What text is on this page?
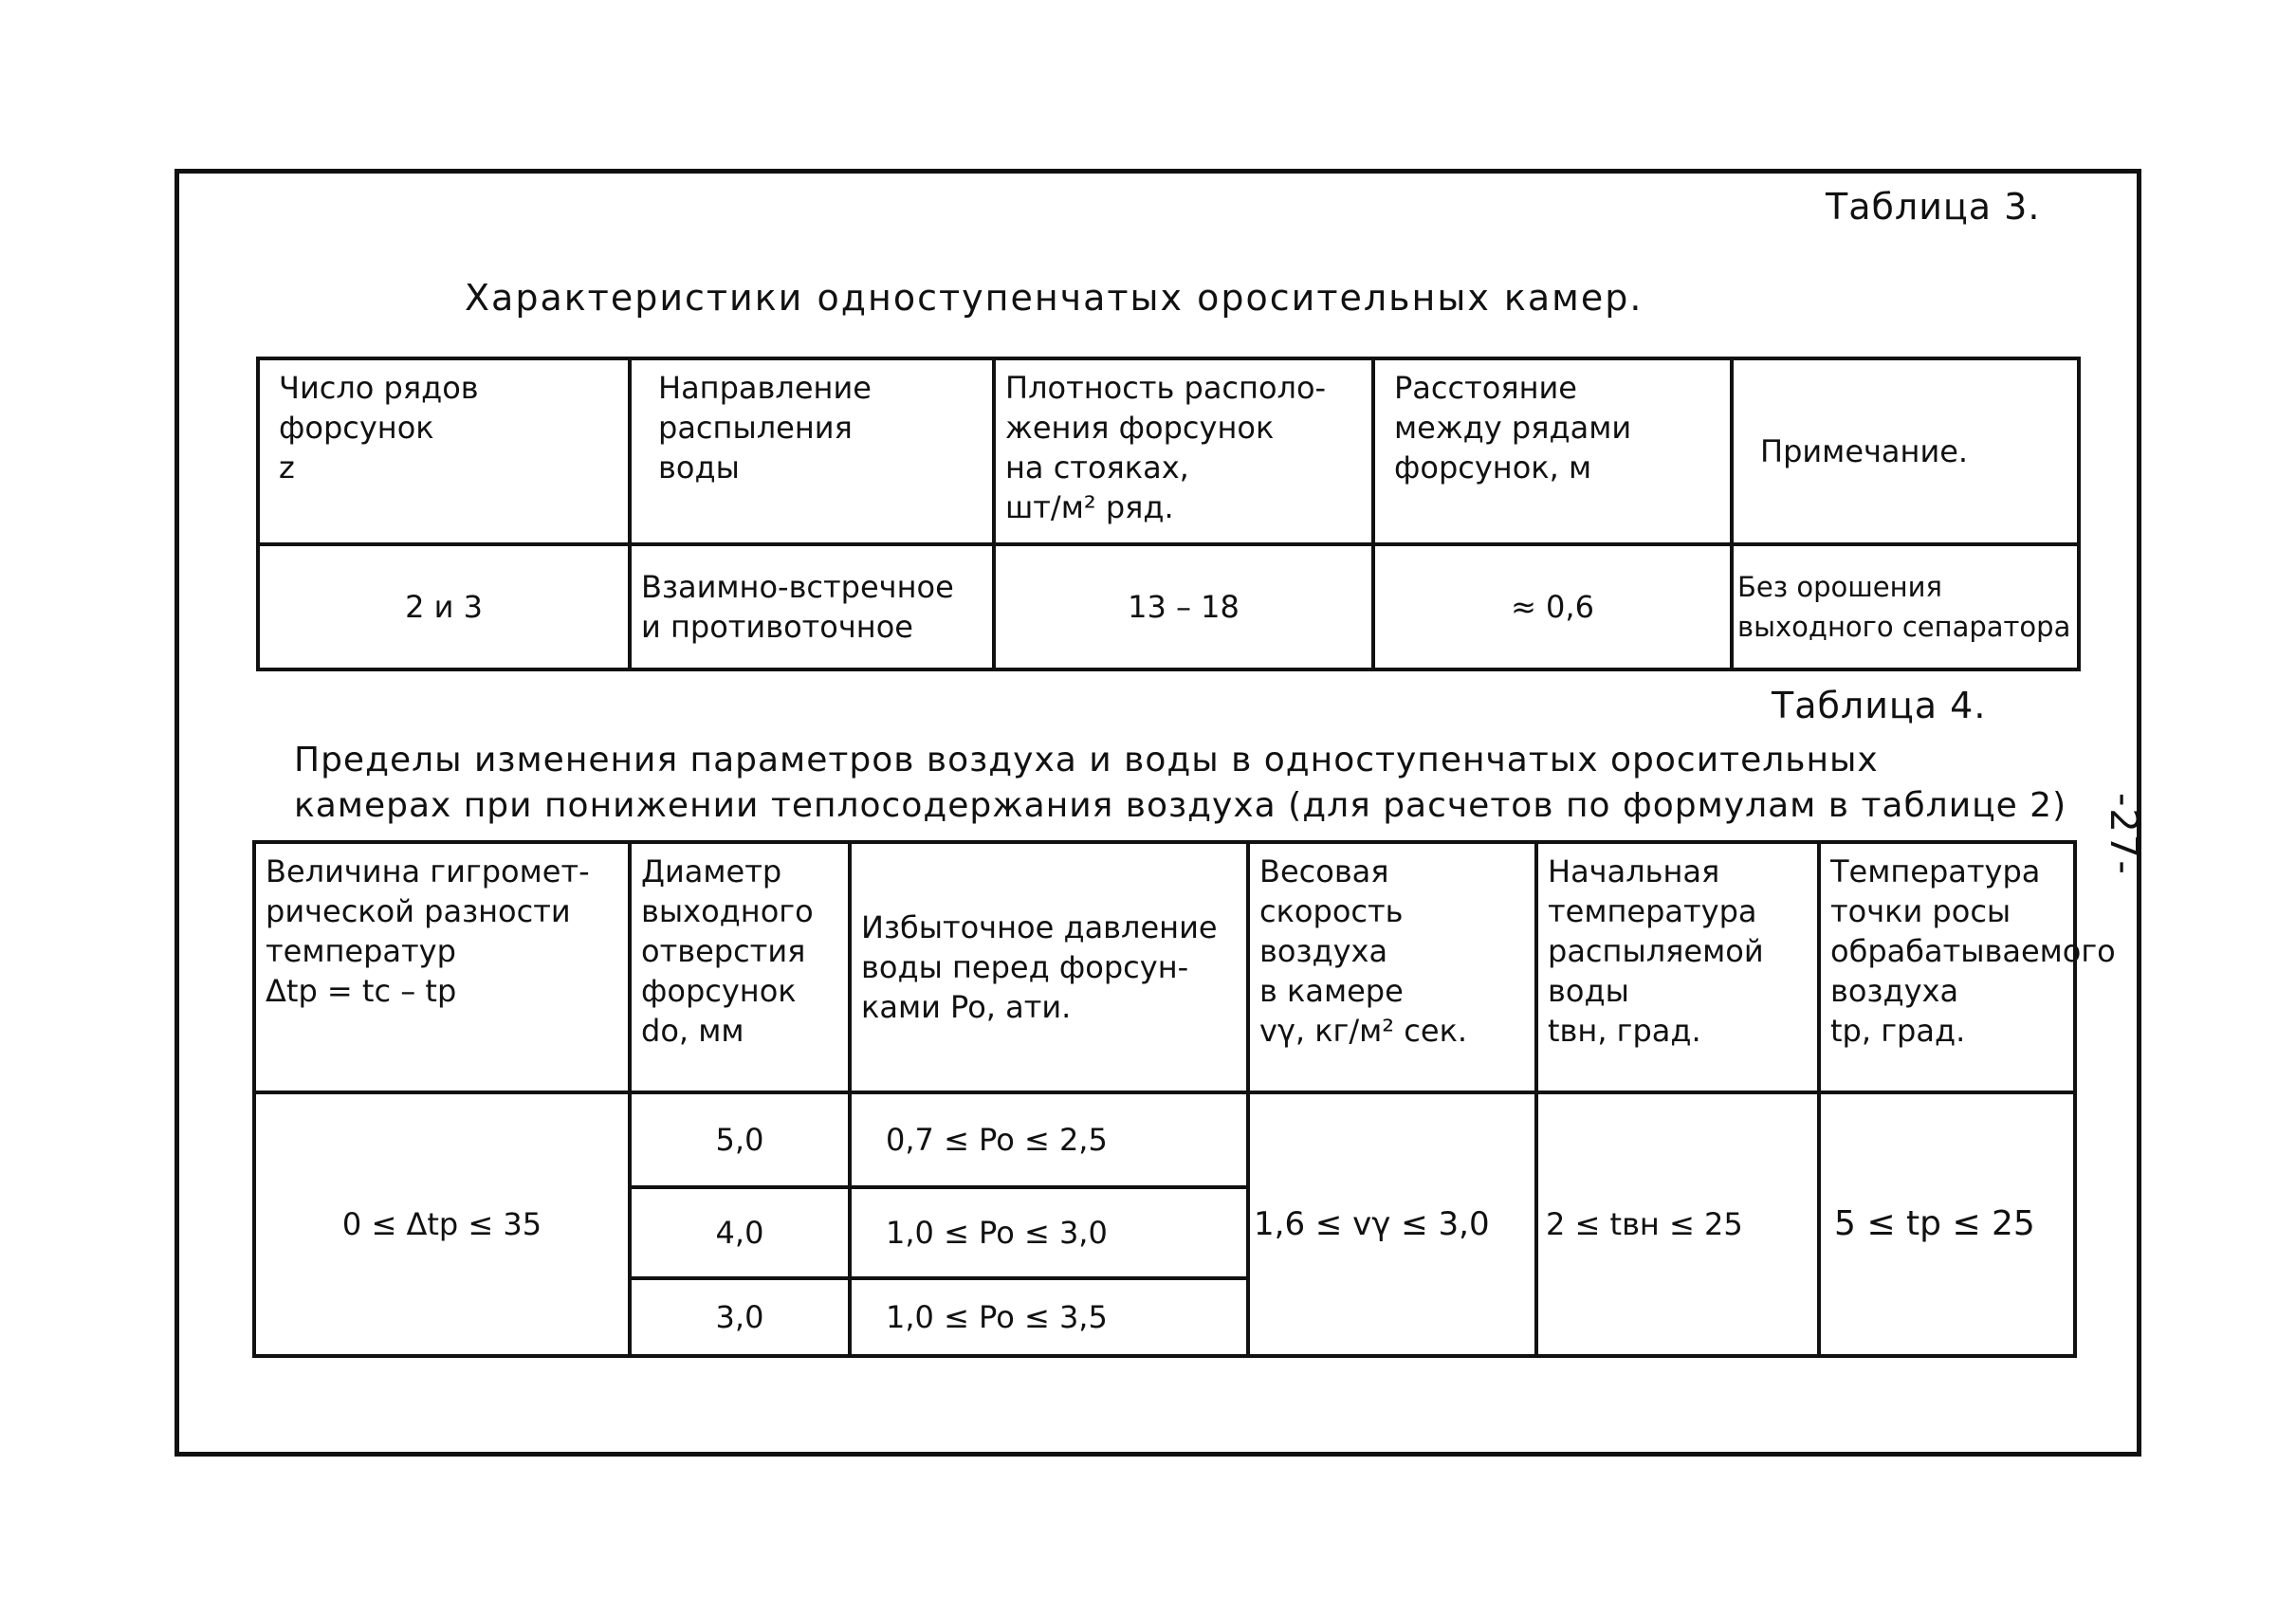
Таблица 3.
Характеристики одноступенчатых оросительных камер.
Число рядов
форсунок
z	Направление
распыления
воды	Плотность располо-
жения форсунок
на стояках,
шт/м² ряд.	Расстояние
между рядами
форсунок, м	Примечание.

2 и 3	Взаимно-встречное
и противоточное	13 – 18	≈ 0,6	Без орошения
выходного сепаратора
Таблица 4.
Пределы изменения параметров воздуха и воды в одноступенчатых оросительных
камерах при понижении теплосодержания воздуха (для расчетов по формулам в таблице 2)
Величина гигромет-
рической разности
температур
Δtp = tс – tp	Диаметр
выходного
отверстия
форсунок
do, мм	Избыточное давление
воды перед форсун-
ками Po, ати.	Весовая скорость
воздуха
в камере
vγ, кг/м² сек.	Начальная
температура
распыляемой
воды
tвн, град.	Температура
точки росы
обрабатываемого
воздуха
tp, град.

0 ≤ Δtp ≤ 35	5,0	0,7 ≤ Po ≤ 2,5	1,6 ≤ vγ ≤ 3,0	2 ≤ tвн ≤ 25	5 ≤ tp ≤ 25
	4,0	1,0 ≤ Po ≤ 3,0			
	3,0	1,0 ≤ Po ≤ 3,5			
-27-
